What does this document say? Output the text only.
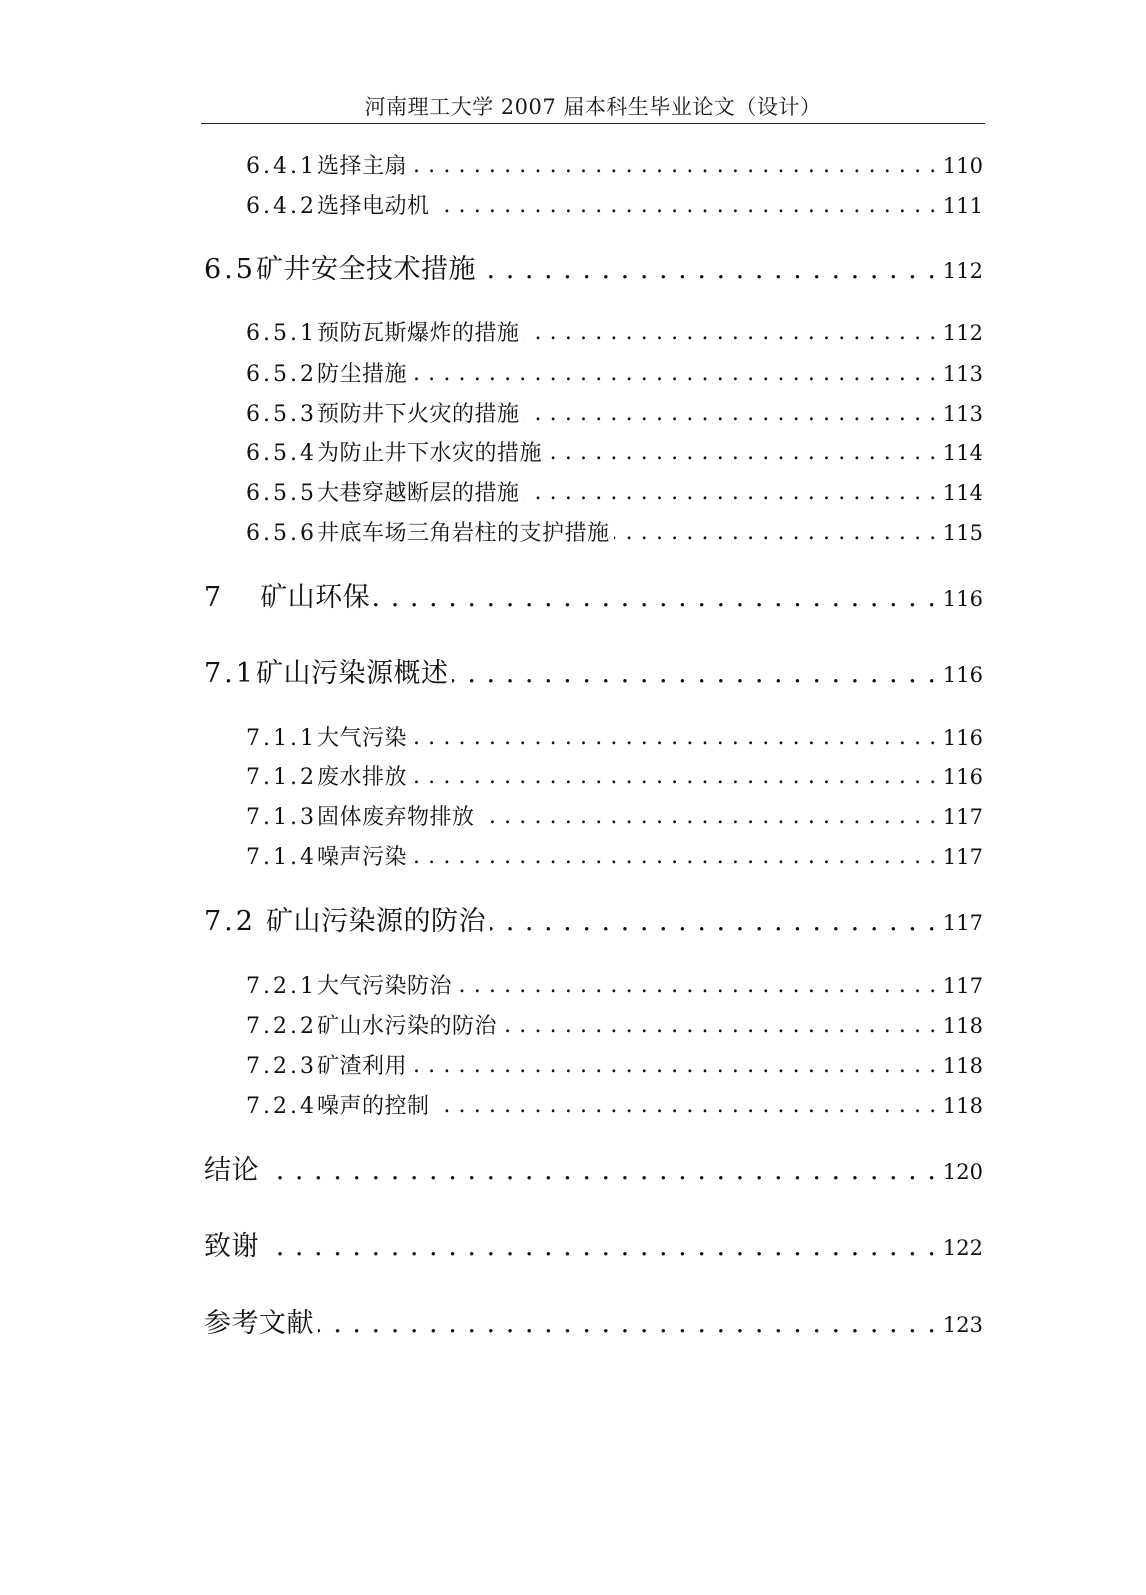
河南理工大学 2007 届本科生毕业论文（设计）
6.4.1 选择主扇 . . .	110
6.4.2 选择电动机 . . .	111
6.5 矿井安全技术措施 . . .	112
6.5.1 预防瓦斯爆炸的措施 . . .	112
6.5.2 防尘措施 . . .	113
6.5.3 预防井下火灾的措施 . . .	113
6.5.4 为防止井下水灾的措施 . . .	114
6.5.5 大巷穿越断层的措施 . . .	114
6.5.6 井底车场三角岩柱的支护措施 . . .	115
7 矿山环保 . . .	116
7.1 矿山污染源概述 . . .	116
7.1.1 大气污染 . . .	116
7.1.2 废水排放 . . .	116
7.1.3 固体废弃物排放 . . .	117
7.1.4 噪声污染 . . .	117
7.2 矿山污染源的防治 . . .	117
7.2.1 大气污染防治 . . .	117
7.2.2 矿山水污染的防治 . . .	118
7.2.3 矿渣利用 . . .	118
7.2.4 噪声的控制 . . .	118
结论 . . .	120
致谢 . . .	122
参考文献 . . .	123
